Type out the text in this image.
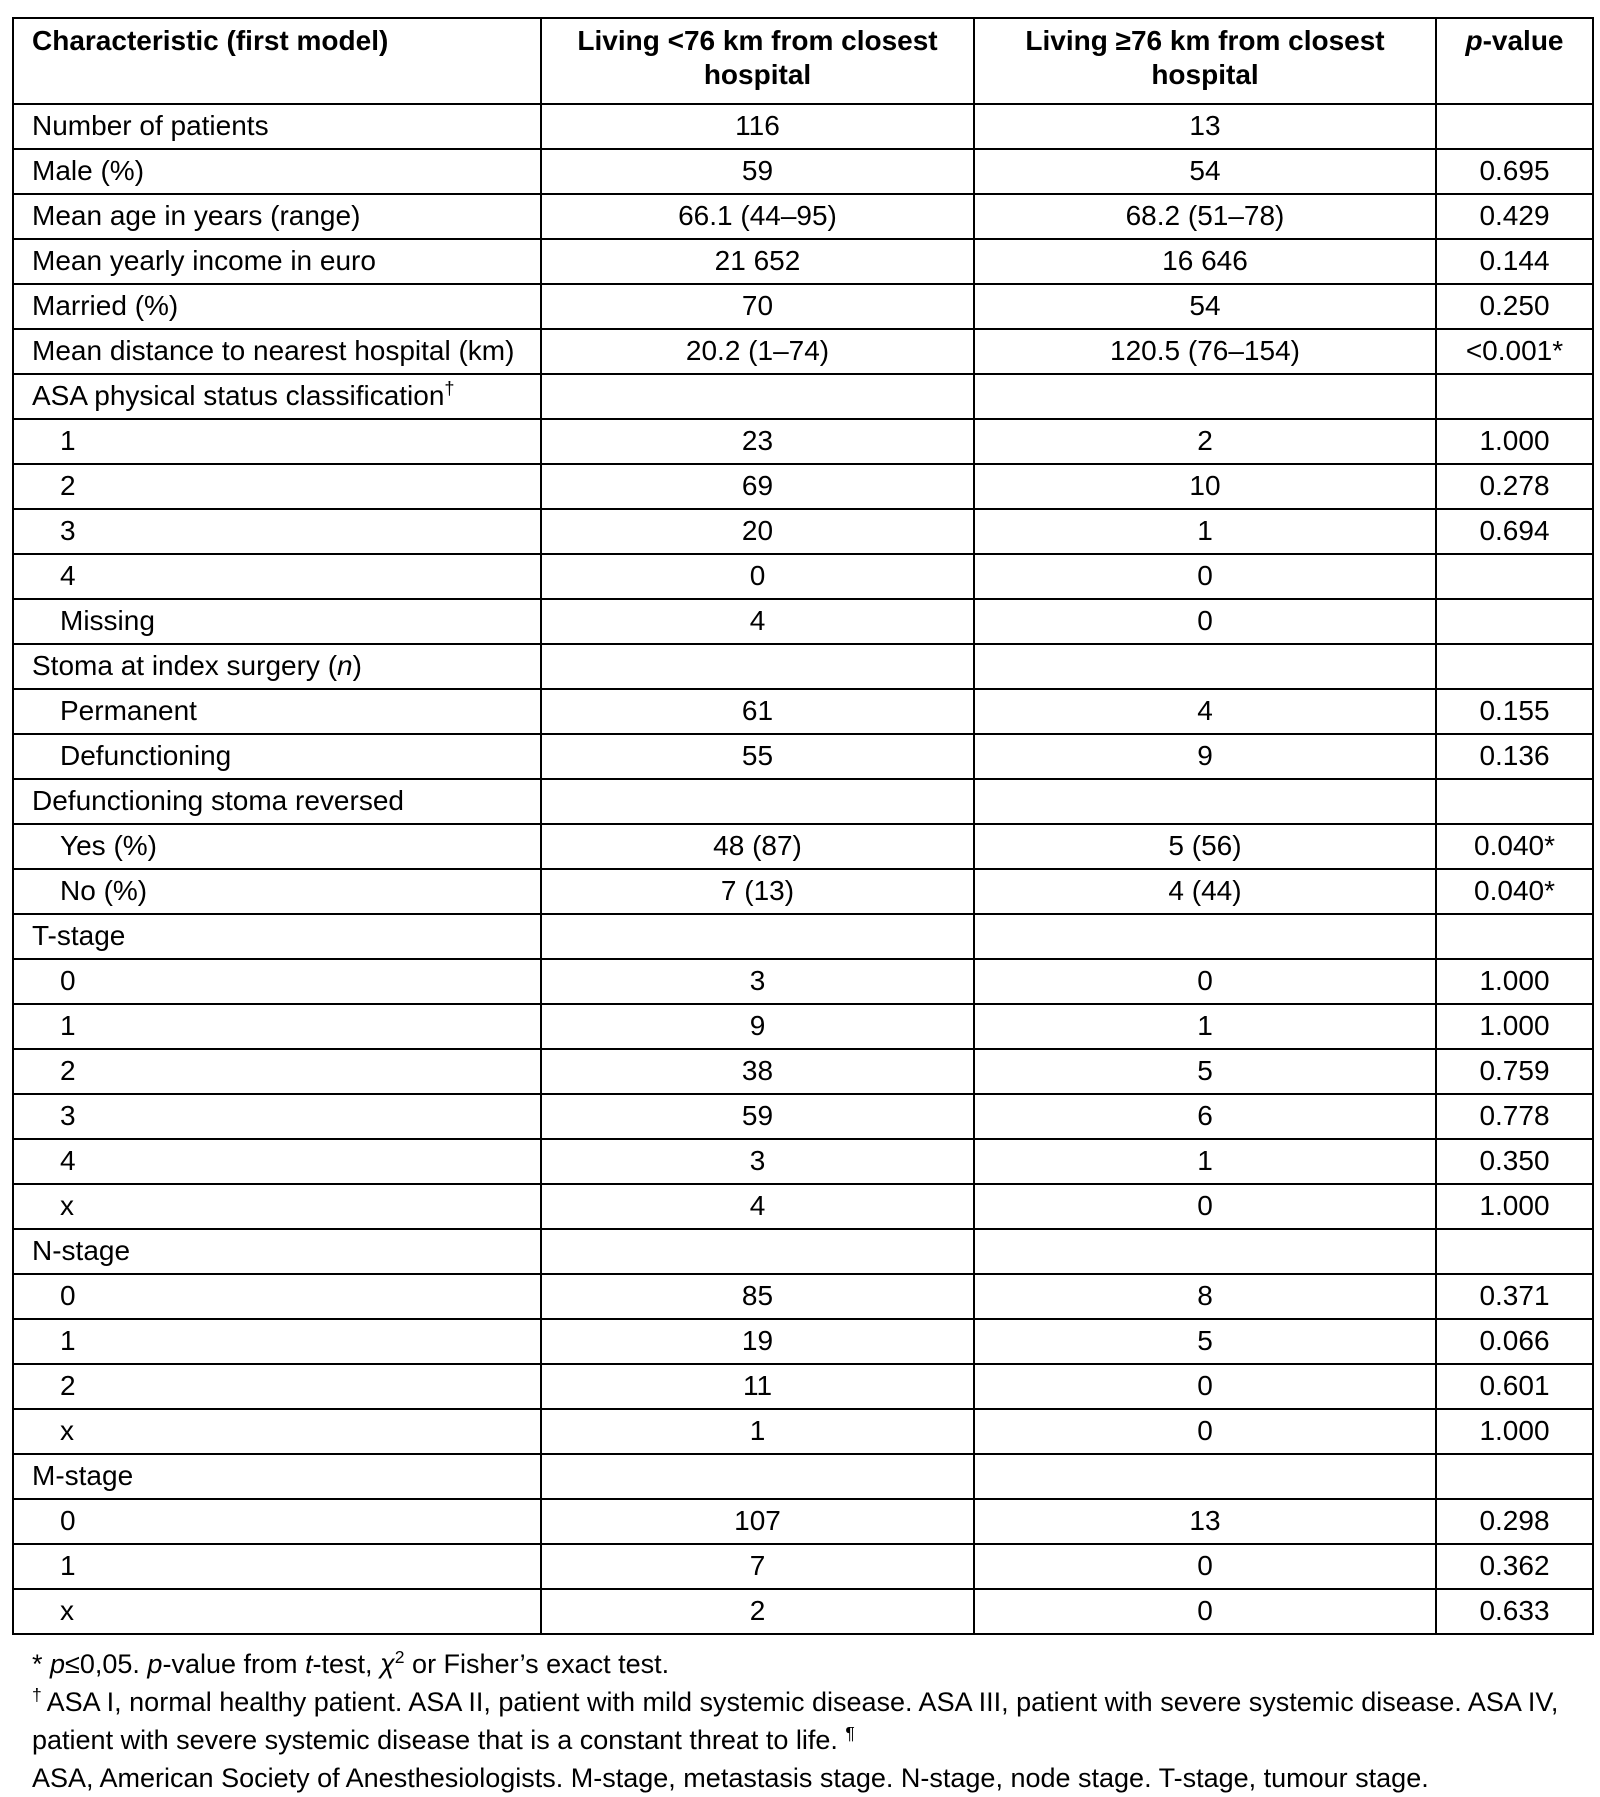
Characteristic (first model)	Living <76 km from closest hospital	Living ≥76 km from closest hospital	p-value
Number of patients	116	13	
Male (%)	59	54	0.695
Mean age in years (range)	66.1 (44–95)	68.2 (51–78)	0.429
Mean yearly income in euro	21 652	16 646	0.144
Married (%)	70	54	0.250
Mean distance to nearest hospital (km)	20.2 (1–74)	120.5 (76–154)	<0.001*
ASA physical status classification†			
1	23	2	1.000
2	69	10	0.278
3	20	1	0.694
4	0	0	
Missing	4	0	
Stoma at index surgery (n)			
Permanent	61	4	0.155
Defunctioning	55	9	0.136
Defunctioning stoma reversed			
Yes (%)	48 (87)	5 (56)	0.040*
No (%)	7 (13)	4 (44)	0.040*
T-stage			
0	3	0	1.000
1	9	1	1.000
2	38	5	0.759
3	59	6	0.778
4	3	1	0.350
x	4	0	1.000
N-stage			
0	85	8	0.371
1	19	5	0.066
2	11	0	0.601
x	1	0	1.000
M-stage			
0	107	13	0.298
1	7	0	0.362
x	2	0	0.633

* p≤0,05. p-value from t-test, $\chi^2$ or Fisher’s exact test.

† ASA I, normal healthy patient. ASA II, patient with mild systemic disease. ASA III, patient with severe systemic disease. ASA IV, patient with severe systemic disease that is a constant threat to life. ¶

ASA, American Society of Anesthesiologists. M-stage, metastasis stage. N-stage, node stage. T-stage, tumour stage.
